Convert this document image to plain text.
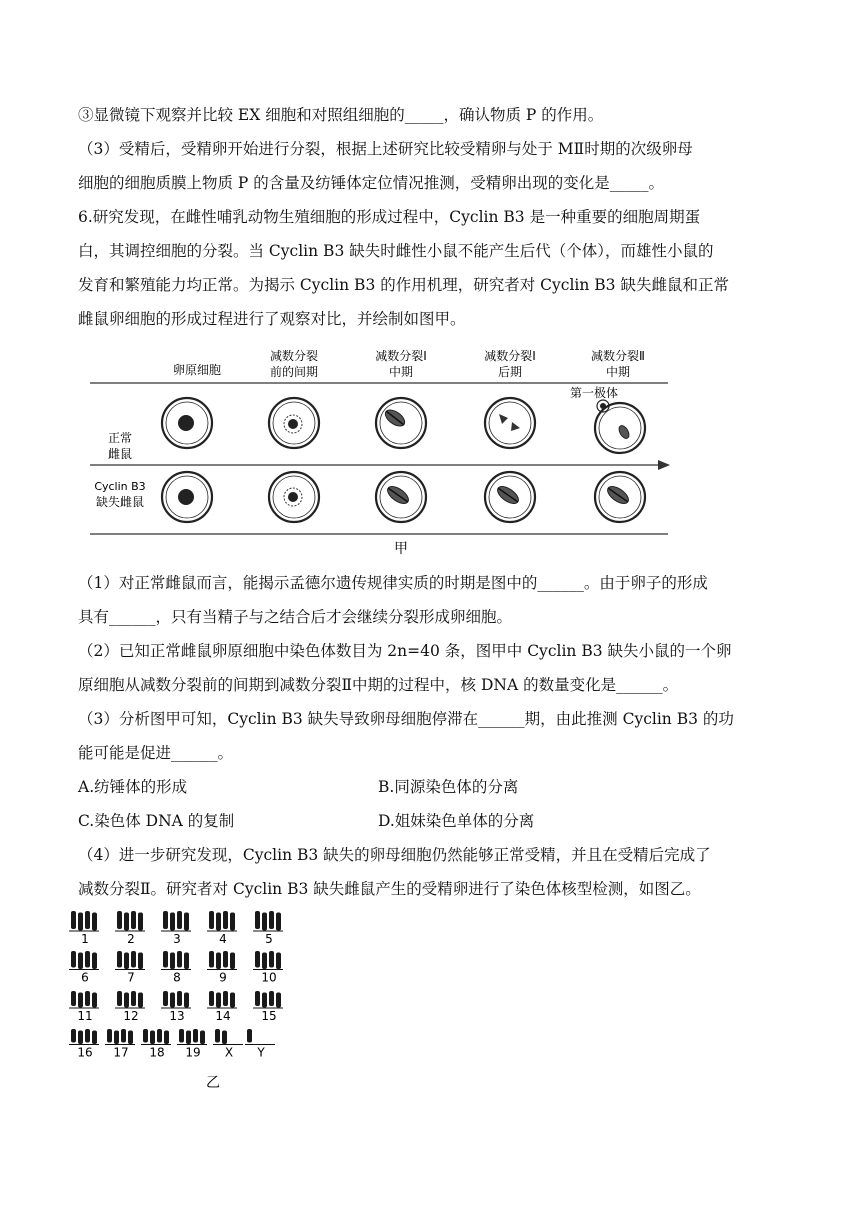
③显微镜下观察并比较 EX 细胞和对照组细胞的_____，确认物质 P 的作用。
（3）受精后，受精卵开始进行分裂，根据上述研究比较受精卵与处于 MⅡ时期的次级卵母
细胞的细胞质膜上物质 P 的含量及纺锤体定位情况推测，受精卵出现的变化是_____。
6.研究发现，在雌性哺乳动物生殖细胞的形成过程中，Cyclin B3 是一种重要的细胞周期蛋
白，其调控细胞的分裂。当 Cyclin B3 缺失时雌性小鼠不能产生后代（个体），而雄性小鼠的
发育和繁殖能力均正常。为揭示 Cyclin B3 的作用机理，研究者对 Cyclin B3 缺失雌鼠和正常
雌鼠卵细胞的形成过程进行了观察对比，并绘制如图甲。
卵原细胞
减数分裂
前的间期
减数分裂Ⅰ
中期
减数分裂Ⅰ
后期
减数分裂Ⅱ
中期
正常
雌鼠
Cyclin B3
缺失雌鼠
第一极体
甲
（1）对正常雌鼠而言，能揭示孟德尔遗传规律实质的时期是图中的______。由于卵子的形成
具有______，只有当精子与之结合后才会继续分裂形成卵细胞。
（2）已知正常雌鼠卵原细胞中染色体数目为 2n=40 条，图甲中 Cyclin B3 缺失小鼠的一个卵
原细胞从减数分裂前的间期到减数分裂Ⅱ中期的过程中，核 DNA 的数量变化是______。
（3）分析图甲可知，Cyclin B3 缺失导致卵母细胞停滞在______期，由此推测 Cyclin B3 的功
能可能是促进______。
A.纺锤体的形成	B.同源染色体的分离
C.染色体 DNA 的复制	D.姐妹染色单体的分离
（4）进一步研究发现，Cyclin B3 缺失的卵母细胞仍然能够正常受精，并且在受精后完成了
减数分裂Ⅱ。研究者对 Cyclin B3 缺失雌鼠产生的受精卵进行了染色体核型检测，如图乙。
乙
1	2	3	4	5
6	7	8	9	10
11	12	13	14	15
16 17 18 19 X Y
